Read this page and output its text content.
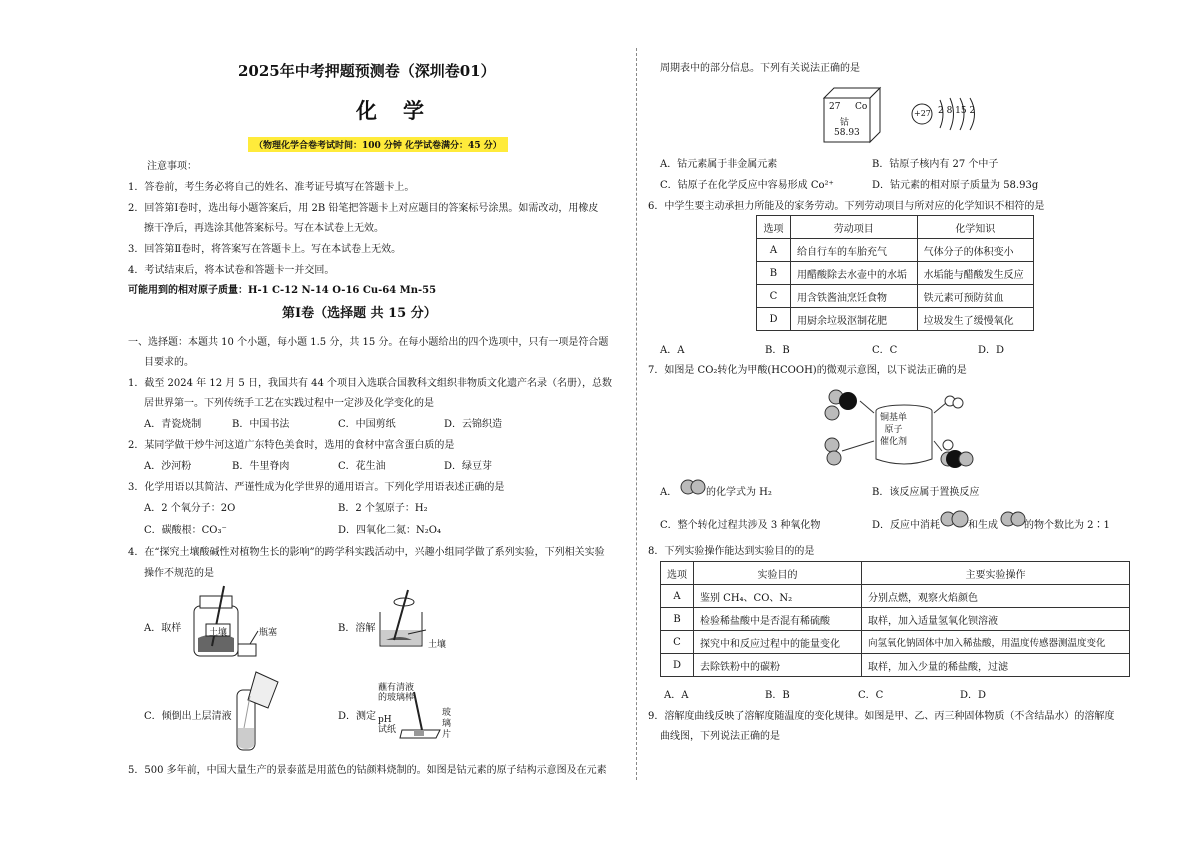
2025年中考押题预测卷（深圳卷01）
化学
（物理化学合卷考试时间：100 分钟 化学试卷满分：45 分）
注意事项：
1．答卷前，考生务必将自己的姓名、准考证号填写在答题卡上。
2．回答第Ⅰ卷时，选出每小题答案后，用 2B 铅笔把答题卡上对应题目的答案标号涂黑。如需改动，用橡皮
擦干净后，再选涂其他答案标号。写在本试卷上无效。
3．回答第Ⅱ卷时，将答案写在答题卡上。写在本试卷上无效。
4．考试结束后，将本试卷和答题卡一并交回。
可能用到的相对原子质量：H-1 C-12 N-14 O-16 Cu-64 Mn-55
第Ⅰ卷（选择题 共 15 分）
一、选择题：本题共 10 个小题，每小题 1.5 分，共 15 分。在每小题给出的四个选项中，只有一项是符合题
目要求的。
1．截至 2024 年 12 月 5 日，我国共有 44 个项目入选联合国教科文组织非物质文化遗产名录（名册），总数
居世界第一。下列传统手工艺在实践过程中一定涉及化学变化的是
A．青瓷烧制	B．中国书法	C．中国剪纸	D．云锦织造
2．某同学做干炒牛河这道广东特色美食时，选用的食材中富含蛋白质的是
A．沙河粉	B．牛里脊肉	C．花生油	D．绿豆芽
3．化学用语以其简洁、严谨性成为化学世界的通用语言。下列化学用语表述正确的是
A．2 个氧分子：2O	B．2 个氢原子：H₂
C．碳酸根：CO₃⁻	D．四氧化二氮：N₂O₄
4．在“探究土壤酸碱性对植物生长的影响”的跨学科实践活动中，兴趣小组同学做了系列实验，下列相关实验
操作不规范的是
A．取样	B．溶解
C．倾倒出上层清液	D．测定
土壤	瓶塞
土壤
蘸有清液
的玻璃棒
pH
试纸
玻
璃
片
5．500 多年前，中国大量生产的景泰蓝是用蓝色的钴颜料烧制的。如图是钴元素的原子结构示意图及在元素
周期表中的部分信息。下列有关说法正确的是
27 Co
钴
58.93
+27 2 8 15 2
A．钴元素属于非金属元素	B．钴原子核内有 27 个中子
C．钴原子在化学反应中容易形成 Co²⁺	D．钴元素的相对原子质量为 58.93g
6．中学生要主动承担力所能及的家务劳动。下列劳动项目与所对应的化学知识不相符的是
选项	劳动项目	化学知识
A	给自行车的车胎充气	气体分子的体积变小
B	用醋酸除去水壶中的水垢	水垢能与醋酸发生反应
C	用含铁酱油烹饪食物	铁元素可预防贫血
D	用厨余垃圾沤制花肥	垃圾发生了缓慢氧化
A．A	B．B	C．C	D．D
7．如图是 CO₂转化为甲酸(HCOOH)的微观示意图，以下说法正确的是
铜基单
原子
催化剂
A．	的化学式为 H₂	B．该反应属于置换反应
C．整个转化过程共涉及 3 种氧化物	D．反应中消耗	和生成	的物个数比为 2∶1
8．下列实验操作能达到实验目的的是
选项	实验目的	主要实验操作
A	鉴别 CH₄、CO、N₂	分别点燃，观察火焰颜色
B	检验稀盐酸中是否混有稀硫酸	取样，加入适量氢氧化钡溶液
C	探究中和反应过程中的能量变化	向氢氧化钠固体中加入稀盐酸，用温度传感器测温度变化
D	去除铁粉中的碳粉	取样，加入少量的稀盐酸，过滤
A．A	B．B	C．C	D．D
9．溶解度曲线反映了溶解度随温度的变化规律。如图是甲、乙、丙三种固体物质（不含结晶水）的溶解度
曲线图，下列说法正确的是
